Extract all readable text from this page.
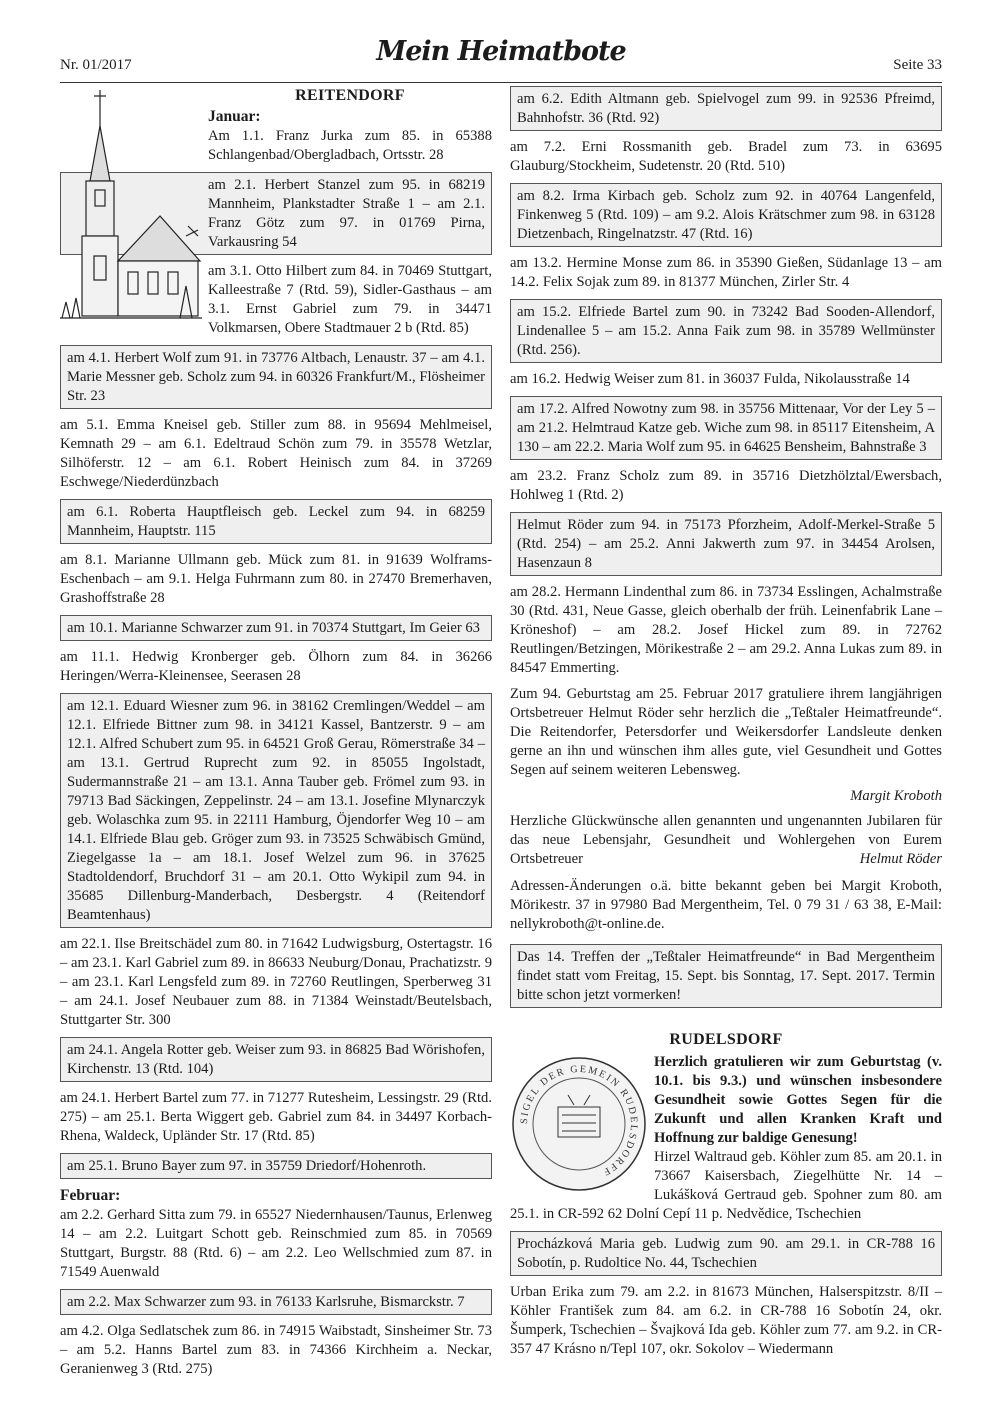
Nr. 01/2017	Mein Heimatbote	Seite 33
REITENDORF
Januar:

Am 1.1. Franz Jurka zum 85. in 65388 Schlangenbad/Obergladbach, Ortsstr. 28

am 2.1. Herbert Stanzel zum 95. in 68219 Mannheim, Plankstadter Straße 1 – am 2.1. Franz Götz zum 97. in 01769 Pirna, Varkausring 54

am 3.1. Otto Hilbert zum 84. in 70469 Stuttgart, Kalleestraße 7 (Rtd. 59), Sidler-Gasthaus – am 3.1. Ernst Gabriel zum 79. in 34471 Volkmarsen, Obere Stadtmauer 2 b (Rtd. 85)

am 4.1. Herbert Wolf zum 91. in 73776 Altbach, Lenaustr. 37 – am 4.1. Marie Messner geb. Scholz zum 94. in 60326 Frankfurt/M., Flösheimer Str. 23

am 5.1. Emma Kneisel geb. Stiller zum 88. in 95694 Mehlmeisel, Kemnath 29 – am 6.1. Edeltraud Schön zum 79. in 35578 Wetzlar, Silhöferstr. 12 – am 6.1. Robert Heinisch zum 84. in 37269 Eschwege/Niederdünzbach

am 6.1. Roberta Hauptfleisch geb. Leckel zum 94. in 68259 Mannheim, Hauptstr. 115

am 8.1. Marianne Ullmann geb. Mück zum 81. in 91639 Wolframs-Eschenbach – am 9.1. Helga Fuhrmann zum 80. in 27470 Bremerhaven, Grashoffstraße 28

am 10.1. Marianne Schwarzer zum 91. in 70374 Stuttgart, Im Geier 63

am 11.1. Hedwig Kronberger geb. Ölhorn zum 84. in 36266 Heringen/Werra-Kleinensee, Seerasen 28

am 12.1. Eduard Wiesner zum 96. in 38162 Cremlingen/Weddel – am 12.1. Elfriede Bittner zum 98. in 34121 Kassel, Bantzerstr. 9 – am 12.1. Alfred Schubert zum 95. in 64521 Groß Gerau, Römerstraße 34 – am 13.1. Gertrud Ruprecht zum 92. in 85055 Ingolstadt, Sudermannstraße 21 – am 13.1. Anna Tauber geb. Frömel zum 93. in 79713 Bad Säckingen, Zeppelinstr. 24 – am 13.1. Josefine Mlynarczyk geb. Wolaschka zum 95. in 22111 Hamburg, Öjendorfer Weg 10 – am 14.1. Elfriede Blau geb. Gröger zum 93. in 73525 Schwäbisch Gmünd, Ziegelgasse 1a – am 18.1. Josef Welzel zum 96. in 37625 Stadtoldendorf, Bruchdorf 31 – am 20.1. Otto Wykipil zum 94. in 35685 Dillenburg-Manderbach, Desbergstr. 4 (Reitendorf Beamtenhaus)

am 22.1. Ilse Breitschädel zum 80. in 71642 Ludwigsburg, Ostertagstr. 16 – am 23.1. Karl Gabriel zum 89. in 86633 Neuburg/Donau, Prachatizstr. 9 – am 23.1. Karl Lengsfeld zum 89. in 72760 Reutlingen, Sperberweg 31 – am 24.1. Josef Neubauer zum 88. in 71384 Weinstadt/Beutelsbach, Stuttgarter Str. 300

am 24.1. Angela Rotter geb. Weiser zum 93. in 86825 Bad Wörishofen, Kirchenstr. 13 (Rtd. 104)

am 24.1. Herbert Bartel zum 77. in 71277 Rutesheim, Lessingstr. 29 (Rtd. 275) – am 25.1. Berta Wiggert geb. Gabriel zum 84. in 34497 Korbach-Rhena, Waldeck, Upländer Str. 17 (Rtd. 85)

am 25.1. Bruno Bayer zum 97. in 35759 Driedorf/Hohenroth.

Februar:

am 2.2. Gerhard Sitta zum 79. in 65527 Niedernhausen/Taunus, Erlenweg 14 – am 2.2. Luitgart Schott geb. Reinschmied zum 85. in 70569 Stuttgart, Burgstr. 88 (Rtd. 6) – am 2.2. Leo Wellschmied zum 87. in 71549 Auenwald

am 2.2. Max Schwarzer zum 93. in 76133 Karlsruhe, Bismarckstr. 7

am 4.2. Olga Sedlatschek zum 86. in 74915 Waibstadt, Sinsheimer Str. 73 – am 5.2. Hanns Bartel zum 83. in 74366 Kirchheim a. Neckar, Geranienweg 3 (Rtd. 275)

am 6.2. Edith Altmann geb. Spielvogel zum 99. in 92536 Pfreimd, Bahnhofstr. 36 (Rtd. 92)

am 7.2. Erni Rossmanith geb. Bradel zum 73. in 63695 Glauburg/Stockheim, Sudetenstr. 20 (Rtd. 510)

am 8.2. Irma Kirbach geb. Scholz zum 92. in 40764 Langenfeld, Finkenweg 5 (Rtd. 109) – am 9.2. Alois Krätschmer zum 98. in 63128 Dietzenbach, Ringelnatzstr. 47 (Rtd. 16)

am 13.2. Hermine Monse zum 86. in 35390 Gießen, Südanlage 13 – am 14.2. Felix Sojak zum 89. in 81377 München, Zirler Str. 4

am 15.2. Elfriede Bartel zum 90. in 73242 Bad Sooden-Allendorf, Lindenallee 5 – am 15.2. Anna Faik zum 98. in 35789 Wellmünster (Rtd. 256).

am 16.2. Hedwig Weiser zum 81. in 36037 Fulda, Nikolausstraße 14

am 17.2. Alfred Nowotny zum 98. in 35756 Mittenaar, Vor der Ley 5 – am 21.2. Helmtraud Katze geb. Wiche zum 98. in 85117 Eitensheim, A 130 – am 22.2. Maria Wolf zum 95. in 64625 Bensheim, Bahnstraße 3

am 23.2. Franz Scholz zum 89. in 35716 Dietzhölztal/Ewersbach, Hohlweg 1 (Rtd. 2)

Helmut Röder zum 94. in 75173 Pforzheim, Adolf-Merkel-Straße 5 (Rtd. 254) – am 25.2. Anni Jakwerth zum 97. in 34454 Arolsen, Hasenzaun 8

am 28.2. Hermann Lindenthal zum 86. in 73734 Esslingen, Achalmstraße 30 (Rtd. 431, Neue Gasse, gleich oberhalb der früh. Leinenfabrik Lane – Kröneshof) – am 28.2. Josef Hickel zum 89. in 72762 Reutlingen/Betzingen, Mörikestraße 2 – am 29.2. Anna Lukas zum 89. in 84547 Emmerting.

Zum 94. Geburtstag am 25. Februar 2017 gratuliere ihrem langjährigen Ortsbetreuer Helmut Röder sehr herzlich die „Teßtaler Heimatfreunde“. Die Reitendorfer, Petersdorfer und Weikersdorfer Landsleute denken gerne an ihn und wünschen ihm alles gute, viel Gesundheit und Gottes Segen auf seinem weiteren Lebensweg.

Margit Kroboth

Herzliche Glückwünsche allen genannten und ungenannten Jubilaren für das neue Lebensjahr, Gesundheit und Wohlergehen von Eurem Ortsbetreuer	Helmut Röder

Adressen-Änderungen o.ä. bitte bekannt geben bei Margit Kroboth, Mörikestr. 37 in 97980 Bad Mergentheim, Tel. 0 79 31 / 63 38, E-Mail: nellykroboth@t-online.de.

Das 14. Treffen der „Teßtaler Heimatfreunde“ in Bad Mergentheim findet statt vom Freitag, 15. Sept. bis Sonntag, 17. Sept. 2017. Termin bitte schon jetzt vormerken!

RUDELSDORF
SIGEL DER GEMEIN RUDELSDORFF

Herzlich gratulieren wir zum Geburtstag (v. 10.1. bis 9.3.) und wünschen insbesondere Gesundheit sowie Gottes Segen für die Zukunft und allen Kranken Kraft und Hoffnung zur baldige Genesung!

Hirzel Waltraud geb. Köhler zum 85. am 20.1. in 73667 Kaisersbach, Ziegelhütte Nr. 14 – Lukášková Gertraud geb. Spohner zum 80. am 25.1. in CR-592 62 Dolní Cepí 11 p. Nedvědice, Tschechien

Procházková Maria geb. Ludwig zum 90. am 29.1. in CR-788 16 Sobotín, p. Rudoltice No. 44, Tschechien

Urban Erika zum 79. am 2.2. in 81673 München, Halserspitzstr. 8/II – Köhler František zum 84. am 6.2. in CR-788 16 Sobotín 24, okr. Šumperk, Tschechien – Švajková Ida geb. Köhler zum 77. am 9.2. in CR-357 47 Krásno n/Tepl 107, okr. Sokolov – Wiedermann
